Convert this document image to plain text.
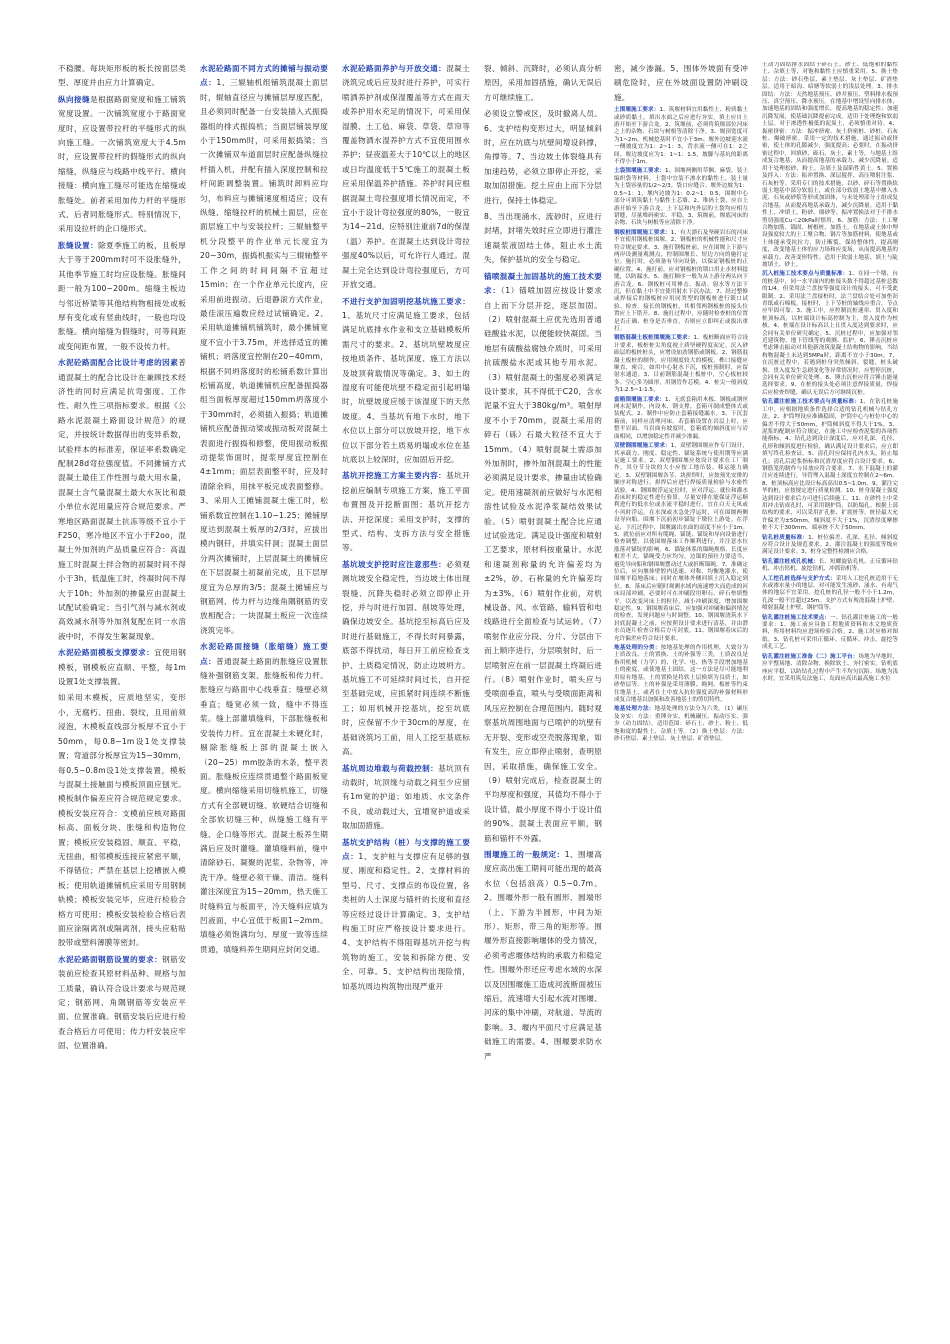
不稳腰。每块矩形板的板长按面层类型、厚度并由应力计算确定。

纵向接缝是根据路面宽度和施工铺筑宽度设置。一次铺筑宽度小于路面宽度时，应设置带拉杆的平缝形式的纵向施工缝。一次铺筑宽度大于4.5m时，应设置带拉杆的假缝形式的纵向缩缝，纵缝应与线路中线平行。横向接缝：横向施工缝尽可能选在缩缝或胀缝处。前者采用加传力杆的平缝形式，后者同胀缝形式。特别情况下，采用设拉杆的企口缝形式。

胀缝设置：除夏季施工的板，且板厚大于等于200mm时可不设胀缝外，其他季节施工时均应设胀缝。胀缝间距一般为100~200m。缩缝主板边与邻近桥梁等其他结构物相接处或板厚有变化或有竖曲线时，一般也均设胀缝。横向缩缝为假缝时，可等间距或变间距布置，一般不设传力杆。

水泥砼路面配合比设计考虑的因素普通混凝土的配合比设计在兼顾技术经济性的同时应满足抗弯强度、工作性、耐久性三项指标要求。根据《公路水泥混凝土路面设计规范》的规定，并按统计数据得出的变异系数，试验样本的标准差，保证率系数确定配制28d弯拉强度值。不同摊铺方式混凝土最佳工作性围与最大用水量，混凝土含气量混凝土最大水灰比和最小单位水泥用量应符合规范要求。严寒地区路面混凝土抗冻等级不宜小于F250，寒冷地区不宜小于F2oo，混凝土外加剂的产品质量应符合：高温施工时混凝土拌合物的初凝时间不得小于3h，低温施工时，终凝时间不得大于10h；外加剂的掺量应由混凝土试配试验确定；当引气剂与减水剂或高效减水剂等外加剂复配在同一水溶液中时，不得发生絮凝现象。

水泥砼路面模板支撑要求：宜使用钢模板，钢模板应直顺、平整，每1m设置1处支撑装置。

如采用木模板，应质地坚实，变形小，无腐朽、扭曲、裂纹，且用前须浸泡，木模板直线部分板厚不宜小于50mm，每0.8~1m设1处支撑装置；弯道部分板厚宜为15~30mm，每0.5~0.8m设1处支撑装置，模板与混凝土接触面与模板顶面应刨光。模板制作偏差应符合规范规定要求。模板安装应符合：支模前应核对路面标高、面板分块、胀缝和构造物位置；模板应安装稳固、顺直、平稳，无扭曲，相邻模板连接应紧密平顺，不得错位；严禁在基层上挖槽嵌入模板；使用轨道摊铺机应采用专用钢制轨模；模板安装完毕，应进行检验合格方可使用；模板安装检验合格后表面应涂隔离剂或隔离剂，接头应粘贴胶带或塑料薄膜等密封。

水泥砼路面钢筋设置的要求：钢筋安装前应检查其原材料品种、规格与加工质量，确认符合设计要求与规范规定；钢筋网、角隅钢筋等安装应平面、位置准确。钢筋安装后应进行检查合格后方可使用；传力杆安装应牢固、位置准确。

水泥砼路面不同方式的摊铺与振动要点：1、三辊轴机组铺筑混凝土面层时，辊轴直径应与摊铺层厚度匹配，且必须同时配备一台安装插入式振捣器组的排式振捣机；当面层铺装厚度小于150mm时，可采用振捣梁；当一次摊铺双车道面层时应配备纵缝拉杆插入机，并配有插入深度控制和拉杆间距调整装置。铺筑时卸料应均匀，布料应与摊铺速度相适应；设有纵缝、缩缝拉杆的机械土面层，应在面层施工中与安装拉杆；三辊轴整平机分段整平的作业单元长度宜为20~30m，振捣机振实与三辊轴整平工作之间的时间间隔不宜超过15min；在一个作业单元长度内，应采用前进振动、后退静滚方式作业，最佳滚压遍数应经过试铺确定。2、采用轨道摊铺机铺筑时，最小摊铺宽度不宜小于3.75m，并选择适宜的摊铺机；坍落度宜控制在20~40mm，根据不同坍落度时的松铺系数计算出松铺高度，轨道摊铺机应配备振捣器组当面板厚度超过150mm坍落度小于30mm时，必须插入振捣；轨道摊铺机应配备振动梁或振动板对混凝土表面进行振捣和修整，使用振动板振动提浆饰面时，提浆厚度宜控制在4±1mm；面层表面整平时，应及时清除余料，用抹平板完成表面整修。3、采用人工摊铺混凝土施工时，松铺系数宜控制在1.10~1.25；摊铺厚度达到混凝土板厚的2/3时，应拔出模内钢钎，并填实钎洞；混凝土面层分两次摊铺时，上层混凝土的摊铺应在下层混凝土初凝前完成，且下层厚度宜为总厚的3/5；混凝土摊铺应与钢筋网、传力杆与边缘角隅钢筋的安放相配合；一块混凝土板应一次连续浇筑完毕。

水泥砼路面接缝（胀缩缝）施工要点：普通混凝土路面的胀缝应设置胀缝补强钢筋支架、胀缝板和传力杆。胀缝应与路面中心线垂直；缝壁必须垂直；缝宽必须一致，缝中不得连浆。缝上部灌填缝料，下部胀缝板和安装传力杆。宜在混凝土未硬化时，剔除胀缝板上部的混凝土嵌入（20~25）mm胶条的木条，整平表面。胀缝板应连续贯通整个路面板宽度。横向缩缝采用切缝机施工，切缝方式有全部硬切缝、软硬结合切缝和全部软切缝三种，纵缝施工缝有平缝、企口缝等形式。混凝土板养生期满后应及时灌缝。灌填缝料前，缝中清除砂石、凝聚的泥浆、杂物等，冲洗干净。缝壁必须干燥、清洁。缝料灌注深度宜为15~20mm，热天施工时缝料宜与板面平，冷天缝料应填为凹液面，中心宜低于板面1~2mm。填缝必须饱满均匀、厚度一致等连续贯通，填缝料养生期间应封闭交通。

水泥砼路面养护与开放交通：混凝土浇筑完成后应及时进行养护，可实行喷洒养护剂或保湿覆盖等方式在雨天或养护用水充足的情况下，可采用保湿膜、土工毡、麻袋、草袋、草帘等覆盖物洒水湿养护方式不宜使用围水养护；昼夜温差大于10℃以上的地区或日均温度低于5℃施工的混凝土板应采用保温养护措施。养护时间应根据混凝土弯拉强度增长情况而定，不宜小于设计弯拉强度的80%，一般宜为14~21d。应特别注重前7d的保湿（温）养护。在混凝土达到设计弯拉强度40%以后，可允许行人通过。混凝土完全达到设计弯拉强度后，方可开放交通。

不进行支护加固明挖基坑施工要求：1、基坑尺寸应满足施工要求，包括满足坑底排水作业和支立基础模板所需尺寸的要求。2、基坑坑壁坡度应按地质条件、基坑深度、施工方法以及坡顶荷载情况等确定。3、如土的湿度有可能使坑壁不稳定而引起坍塌时，坑壁坡度应缓于该湿度下的天然坡度。4、当基坑有地下水时，地下水位以上部分可以放坡开挖，地下水位以下部分若土质易坍塌或水位在基坑底以上较深时，应加固后开挖。

基坑开挖施工方案主要内容：基坑开挖前应编制专项施工方案，施工平面布置图及开挖断面图；基坑开挖方法、开挖深度；采用支护时，支撑的型式、结构、支拆方法与安全措施等。

基坑坡支护挖时应注意那些：必须观测坑坡安全稳定性，当边坡土体出现裂缝、沉降失稳时必须立即停止开挖，并与时进行加固、削坡等处理，确保边坡安全。基坑挖至标高后应及时进行基础施工，不得长时间暴露，底部不得扰动，每日开工前应检查支护、土质稳定情况，防止边坡坍方。基坑施工不可延续时间过长，自开挖至基础完成，应抓紧时间连续不断施工；如用机械开挖基坑，挖至坑底时，应保留不少于30cm的厚度，在基础浇筑圬工前，用人工挖至基底标高。

基坑周边堆载与荷载控制：基坑顶有动载时，坑顶缘与动载之间至少应留有1m宽的护道；如地质、水文条件不良，或动载过大，宜增宽护道或采取加固措施。

基坑支护结构（桩）与支撑的施工要点：1、支护桩与支撑应有足够的强度、刚度和稳定性。2、支撑材料的型号、尺寸、支撑点的布设位置，各类桩的人土深度与锚杆的长度和直径等应经过设计计算确定。3、支护结构施工时应严格按设计要求进行。4、支护结构不得阻碍基坑开挖与构筑物的施工，安装和拆除方便、安全、可靠。5、支护结构出现险情，如基坑周边构筑物出现严重开

裂、倾斜、沉降时，必须认真分析原因，采用加固措施，确认无误后方可继续施工。

必须设立警戒区，及时撤离人员。6、支护结构变形过大，明显倾斜时，应在坑底与坑壁间增设斜撑，角撑等。7、当边坡土体裂缝具有加速趋势，必须立即停止开挖，采取加固措施。挖土应由上而下分层进行，保持土体稳定。

8、当出现涌水、流砂时，应进行封堵，封堵失效时应立即进行灌注速凝浆液固结土体，阻止水土流失，保护基坑的安全与稳定。

锚喷混凝土加固基坑的施工技术要求：（1）锚喷加固应按设计要求自上而下分层开挖，逐层加固。（2）喷射混凝土应优先选用普通硅酸盐水泥，以便能较快凝固。当地层有硫酸盐腐蚀介质时，可采用抗硫酸盐水泥或其他专用水泥。（3）喷射混凝土的强度必须满足设计要求，其不得低于C20，含水泥量不宜大于380kg/m³。喷射厚度不小于70mm，混凝土采用的碎石（砾）石最大粒径不宜大于15mm。（4）喷射混凝土需添加外加剂时，掺外加剂混凝土的性能必须满足设计要求，掺量由试验确定。使用速凝剂前应做好与水泥相溶性试验及水泥净浆凝结效果试验。（5）喷射混凝土配合比应通过试验选定。满足设计强度和喷射工艺要求，原材料按重量计。水泥和速凝剂称量的允许偏差均为±2%，砂、石称量的允许偏差均为±3%。（6）喷射作业前，对机械设备、风、水管路、输料管和电线路进行全面检查与试运转。（7）喷射作业应分段、分片、分层由下而上顺序进行，分层喷射时，后一层喷射应在前一层混凝土终凝后进行。（8）喷射作业时，喷头应与受喷面垂直，喷头与受喷面距离和风压应控制在合理范围内。随时观察基坑周围地面与已喷护的坑壁有无开裂、变形或空壳脱落现象，如有发生，应立即停止喷射，查明原因，采取措施，确保施工安全。（9）喷射完成后，检查混凝土的平均厚度和强度，其值均不得小于设计值，最小厚度不得小于设计值的90%。混凝土表面应平顺，钢筋和锚杆不外露。

围堰施工的一般规定：1、围堰高度应高出施工期间可能出现的最高水位（包括浪高）0.5~0.7m。2、围堰外形一般有圆形、圆端形（上、下游为半圆形，中间为矩形）、矩形、带三角的矩形等。围堰外形直接影响堰体的受力情况，必须考虑堰体结构的承载力和稳定性。围堰外形还应考虑水域的水深以及因围堰施工造成河流断面被压缩后，流速增大引起水流对围堰、河床的集中冲刷，对航道、导流的影响。3、堰内平面尺寸应满足基础施工的需要。4、围堰要求防水严

密，减少渗漏。5、围体外坡面有受冲刷危险时，应在外坡面设置防冲刷设施。

土围堰施工要求：1、筑堰材料宜用黏性土、粉质黏土或砂质黏土。填出水面之后应进行夯实。填土应自上游开始至下游合龙。2、筑堰前，必须将筑堰部位河床之上的杂物、石块与树根等清除干净。3、堰顶宽度可为1~2m。机械挖基时不宜小于3m。堰外边坡迎水流一侧坡度宜为1：2~1：3，背水流一侧可在1：2之间。堰边坡度应为1：1~1：1.5，坡脚与基坑的距离不得小于1m。

土袋围堰施工要求：1、围堰两侧用草捆、麻袋、装土编织袋等材料，土袋中宜装不渗水的黏性土，装土量为土袋容量的1/2~2/3。袋口应缝合。堰外边坡为1：0.5~1：1，堰内边坡为1：0.2~1：0.5，围堰中心部分可填筑黏土与黏性土芯墙。2、堆码土袋，应自上游开始至下游合龙。上下层和内外层的土袋均应相互错缝，尽量堆码密实、平稳。3、筑堰前，堰底河床的杂物、石块与树根等应清除干净。

钢板桩围堰施工要求：1、有大漂石及坚硬岩石的河床不宜使用钢板桩围堰。2、钢板桩的机械性能和尺寸应符合规定要求。3、施打钢板桩前，应在围堰上下游与两岸设测量观测点，控制围堰长、短边方向的施打定位。施打时，必须备有导向设备，以保证钢板桩的正确位置。4、施打前，应对钢板桩的锁口用止水材料捻缝，以防漏水。5、施打顺序一般为从上游分两头向下游合龙。6、钢板桩可用捶击、振动、射水等方法下沉，但在黏土中不宜使用射水下沉办法。7、经过整修或焊接后的钢板桩应用同类型的钢板桩进行锁口试验、检查。接长的钢板桩，其相邻两钢板桩的接头位置应上下错开。8、施打过程中，应随时检查桩的位置是否正确、桩身是否垂直，否则应立即纠正或拔出重打。

钢筋混凝土板桩围堰施工要求：1、板桩断面应符合设计要求，板桩桩尖角度视土质坚硬程度而定。沉入砂砾层的板桩桩头，应增设加劲钢筋或钢板。2、钢筋混凝土板桩的制作，应用刚度较大的模板，榫口接缝应顺直、密合。如用中心射水下沉，板桩预制时，应留射水通道。3、目前钢筋混凝土板桩中，空心板桩较多。空心多为圆形，用钢管作芯模。4、桩尖一般斜度为1:2.5~1:1.5。

套箱围堰施工要求：1、无底套箱用木板、钢板或钢丝网水泥制作，内设木、钢支撑。套箱可制成整体式或装配式。2、制作中应防止套箱接缝漏水。3、下沉套箱前，同样应清理河床。若套箱设置在岩层上时，应整平岩面。当岩面有坡度时，套箱底的倾斜度应与岩面相同，以增加稳定性并减少渗漏。

双壁钢围堰施工要求：1、双壁钢围堰应作专门设计，其承载力、刚度、稳定性、锚锭系统与使用期等应满足施工要求。2、双壁钢围堰应按设计要求在工厂制作，其分节分块的大小应按工地吊装、移运能力确定。3、双壁钢围堰各节、块拼焊时，应按预先安排的顺序对称进行。拼焊后应进行焊接质量检验与水密性试验。4、钢围堰浮运定位时，应对浮运、就位和灌水着床时的稳定性进行验算。尽量安排在能保证浮运顺利进行的低水位或水流平稳时进行，宜在白天无风或小风时浮运。在水深或水急处浮运时，可在围堰两侧设导向船。围堰下沉前初步锚锭于墩位上游处。在浮运、下沉过程中，围堰露出水面的高度不应小于1m。5、就位前应对所有缆绳、锚链、锚锭和导向设备进行检查调整，以使围堰落床工作顺利进行，并注意水位涨落对锚锭的影响。6、锚锭体系的锚绳规格、长度应相差不大。锚绳受力应均匀。边锚的预拉力要适当，避免导向船和钢围堰摆动过大或折断锚绳。7、准确定位后，应向堰体壁腔内迅速、对称、均衡地灌水，使围堰平稳地落床；同时在堰体外侧回填土沉入稳定到位。8、落床后应随时观测水域内流速增大而造成的河床局部冲刷，必要时可在冲刷段用卵石、碎石垫填整平，以改变河床上的粒径，减小冲刷深度，增加围堰稳定性。9、钢围堰着床后，应加强对冲刷和偏斜情况的检查，发现问题应与时调整。10、钢围堰浇筑水下封底混凝土之前，应按照设计要求进行清基，并由潜水员逐片检查合格后方可封底。11、钢围堰着床后的允许偏差应符合设计要求。

地基处理的分类：按地基处理的作用机理，大致分为土质改良、土的置换、土的补强等三类。土质改良是指用机械（力学）的、化学、电、热等手段增加地基土的密度，或使地基土固结，这一方法是尽可能地利用原有地基。土的置换是将软土层换填为良质土，如砂垫层等。土的补强是采用薄膜、绳网、板桩等约束住地基土，或者在土中放入抗拉强度高的补强材料形成复合地基以加强和改善地基土的剪切特性。

地基处理方法：地基处理的方法分为六类。（1）碾压及夯实：方法：重锤夯实、机械碾压、振动压实、强夯（动力固结）。适用范围：碎石土、砂土、粉土、低饱和度的黏性土、杂填土等。（2）换土垫层：方法：砂石垫层、素土垫层、灰土垫层、矿渣垫层。

土动力固结排水固结于碎石土、砂土、低饱和的黏性土、杂填土等，对饱和黏性土应慎重采用。5、换土垫层：方法：砂石垫层、素土垫层、灰土垫层、矿渣垫层。适用于暗沟、暗塘等软弱土的浅层处理。3、排水固结：方法：天然地基预压、砂井预压、塑料排水板预压、真空预压、降水预压。在地基中增设竖向排水体，加速地基的固结和强度增长，提高地基的稳定性；加速沉降发展，使基础沉降提前完成。适用于处理饱和软弱土层。对于渗透性极低的泥炭土，必须慎重对待。4、振密挤密：方法：振冲挤密、灰土挤密桩、砂桩、石灰桩、爆破挤密。采用一定的技术措施，通过振动或挤密，使土体的孔隙减少，强度提高；必要时，在振动挤密过程中，回填砂、砾石、灰土、素土等，与地基土组成复合地基，从而提高地基的承载力，减少沉降量。适用于处理松砂、粉土、杂填土及湿陷性黄土。5、置换及拌入：方法：振冲置换、深层搅拌、高压喷射注浆、石灰桩等。采用专门的技术措施，以砂、碎石等置换软弱土地基中部分软弱土，或在部分软弱土地基中掺入水泥、石灰或砂浆等形成加固体，与未处理部分土组成复合地基，从而提高地基承载力，减少沉降量。适用于黏性土、冲填土、粉砂、细砂等。振冲置换法对于不排水剪切强度Cu＜20kPa时慎用。6、加筋：方法：土工聚合物加筋、锚固、树根桩、加筋土。在地基或土体中埋设强度较大的土工聚合物、钢片等加筋材料，使地基或土体能承受抗拉力，防止断裂，保持整体性，提高刚度，改变地基土体的应力场和应变场，从而提高地基的承载力，改善变形特性。适用于软弱土地基、填土与陡坡填土、砂土。

沉入桩施工技术要点与质量标准：1、在同一个墩、台的桩基中，同一水平面内的桩接头数不得超过基桩总数的1/4，但采用法兰盘按等强度设计的接头，可不受此限制。2、采用法兰盘接桩时，法兰盘结合处可加垫沥青纸或石棉板。接桩时，上下节桩的轴线应重合，节点应牢固可靠。3、施工中，应控制沉桩速率、贯入度和桩顶标高，以桩端设计标高控制为主，贯入度作为校核。4、桩端在设计标高以上且贯入度达到要求时，应会同有关单位研究确定。5、沉桩过程中，应加强对邻近建筑物、地下管线等的观测、监护。6、锤击沉桩应考虑锤击振动对其他新浇筑混凝土结构物的影响，当结构物混凝土未达到5MPa时，距离不宜小于30m。7、在沉桩过程中，若遇到桩身突然倾斜、裂缝、桩头破损、贯入度发生急剧变化等异常情况时，应暂停沉桩，会同有关单位研究处理。8、锤击沉桩应符合锤击能量选择要求。9、在桩的接头处必须注意焊接质量，焊接后应检查焊缝，确认无误后方可继续沉桩。

钻孔灌注桩施工技术要点与质量标准：1、在钻孔桩施工中，应根据地质条件选择合适的钻孔机械与钻孔方法。2、护筒埋设应准确稳固，护筒中心与桩位中心的偏差不得大于50mm，护筒倾斜度不得大于1%。3、泥浆的配制应符合规定，在施工中应检查泥浆的各项性能指标。4、钻孔达到设计深度后，应对孔深、孔径、孔形和倾斜度进行检验，确认满足设计要求后，应立即填写终孔检查证。5、清孔时应保持孔内水头，防止塌孔；清孔后泥浆指标和沉渣厚度应符合设计要求。6、钢筋笼的制作与吊放应符合要求。7、水下混凝土的灌注应连续进行，导管埋入混凝土深度宜控制在2~6m。8、桩顶标高应比设计标高高出0.5~1.0m。9、灌注完毕的桩，应按规定进行质量检测。10、桩身混凝土强度达到设计要求后方可进行后续施工。11、在砂性土中采用冲击钻成孔时，可采用钢护筒，以防塌孔。根据上部结构的要求，可以采用扩孔桩、扩底桩等。桩径最大允许偏差为±50mm，倾斜度不大于1%，沉渣厚度摩擦桩不大于300mm，端承桩不大于50mm。

钻孔桩质量标准：1、桩位偏差、孔深、孔径、倾斜度应符合设计及规范要求。2、灌注混凝土的强度等级应满足设计要求。3、桩身完整性检测应合格。

钻孔灌注桩成孔机械：长、短螺旋钻孔机、正反循环钻机、冲击钻机、旋挖钻机、冲抓钻机等。

人工挖孔桩选择与支护方式：采用人工挖孔桩适用于无水或渗水量小的地层。对可能发生流砂、涌水、有毒气体的地层不宜采用。挖孔桩的孔径一般不小于1.2m，孔深一般不宜超过25m。支护方式有现浇混凝土护壁、喷射混凝土护壁、钢护筒等。

钻孔灌注桩施工技术要点：一、钻孔灌注桩施工的一般要求：1、施工前应具备工程地质资料和水文地质资料，所用材料均应进场检验合格。2、施工时应核对图纸。3、钻孔桩可采用正循环、反循环、冲击、旋挖等成孔工艺。

钻孔灌注桩施工准备（二）施工平台：场地为旱地时，应平整场地、清除杂物、换除软土、夯打密实。钻机底座应平稳，以防钻孔过程中产生不均匀沉陷。场地为浅水时，宜采用筑岛法施工，岛面应高出最高施工水位
